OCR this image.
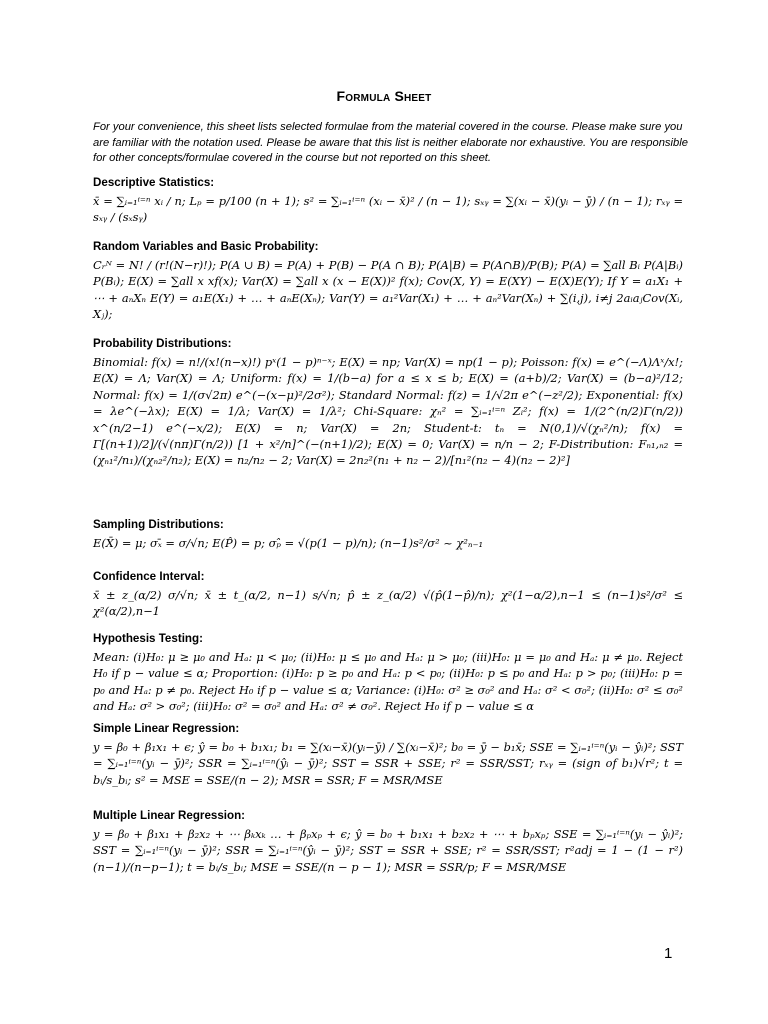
Formula Sheet
For your convenience, this sheet lists selected formulae from the material covered in the course. Please make sure you are familiar with the notation used. Please be aware that this list is neither elaborate nor exhaustive. You are responsible for other concepts/formulae covered in the course but not reported on this sheet.
Descriptive Statistics:
x̄ = ∑ᵢ₌₁ⁱ⁼ⁿ xᵢ / n; Lₚ = p/100 (n + 1); s² = ∑ᵢ₌₁ⁱ⁼ⁿ (xᵢ − x̄)² / (n − 1); sₓᵧ = ∑(xᵢ − x̄)(yᵢ − ȳ) / (n − 1); rₓᵧ = sₓᵧ / (sₓsᵧ)
Random Variables and Basic Probability:
Cᵣᴺ = N! / (r!(N−r)!); P(A ∪ B) = P(A) + P(B) − P(A ∩ B); P(A|B) = P(A∩B)/P(B); P(A) = ∑all Bᵢ P(A|Bᵢ) P(Bᵢ); E(X) = ∑all x xf(x); Var(X) = ∑all x (x − E(X))² f(x); Cov(X, Y) = E(XY) − E(X)E(Y); If Y = a₁X₁ + ⋯ + aₙXₙ E(Y) = a₁E(X₁) + … + aₙE(Xₙ); Var(Y) = a₁²Var(X₁) + … + aₙ²Var(Xₙ) + ∑(i,j), i≠j 2aᵢaⱼCov(Xᵢ, Xⱼ);
Probability Distributions:
Binomial: f(x) = n!/(x!(n−x)!) pˣ(1 − p)ⁿ⁻ˣ; E(X) = np; Var(X) = np(1 − p); Poisson: f(x) = e^(−Λ)Λˣ/x!; E(X) = Λ; Var(X) = Λ; Uniform: f(x) = 1/(b−a) for a ≤ x ≤ b; E(X) = (a+b)/2; Var(X) = (b−a)²/12; Normal: f(x) = 1/(σ√2π) e^(−(x−μ)²/2σ²); Standard Normal: f(z) = 1/√2π e^(−z²/2); Exponential: f(x) = λe^(−λx); E(X) = 1/λ; Var(X) = 1/λ²; Chi-Square: χₙ² = ∑ᵢ₌₁ⁱ⁼ⁿ Zᵢ²; f(x) = 1/(2^(n/2)Γ(n/2)) x^(n/2−1) e^(−x/2); E(X) = n; Var(X) = 2n; Student-t: tₙ = N(0,1)/√(χₙ²/n); f(x) = Γ[(n+1)/2]/(√(nπ)Γ(n/2)) [1 + x²/n]^(−(n+1)/2); E(X) = 0; Var(X) = n/n − 2; F-Distribution: Fₙ₁,ₙ₂ = (χₙ₁²/n₁)/(χₙ₂²/n₂); E(X) = n₂/n₂ − 2; Var(X) = 2n₂²(n₁ + n₂ − 2)/[n₁²(n₂ − 4)(n₂ − 2)²]
Sampling Distributions:
E(X̄) = μ; σₓ̄ = σ/√n; E(P̂) = p; σₚ̂ = √(p(1 − p)/n); (n−1)s²/σ² ~ χ²ₙ₋₁
Confidence Interval:
x̄ ± z_(α/2) σ/√n; x̄ ± t_(α/2, n−1) s/√n; p̂ ± z_(α/2) √(p̂(1−p̂)/n); χ²(1−α/2),n−1 ≤ (n−1)s²/σ² ≤ χ²(α/2),n−1
Hypothesis Testing:
Mean: (i)H₀: μ ≥ μ₀ and Hₐ: μ < μ₀; (ii)H₀: μ ≤ μ₀ and Hₐ: μ > μ₀; (iii)H₀: μ = μ₀ and Hₐ: μ ≠ μ₀. Reject H₀ if p − value ≤ α; Proportion: (i)H₀: p ≥ p₀ and Hₐ: p < p₀; (ii)H₀: p ≤ p₀ and Hₐ: p > p₀; (iii)H₀: p = p₀ and Hₐ: p ≠ p₀. Reject H₀ if p − value ≤ α; Variance: (i)H₀: σ² ≥ σ₀² and Hₐ: σ² < σ₀²; (ii)H₀: σ² ≤ σ₀² and Hₐ: σ² > σ₀²; (iii)H₀: σ² = σ₀² and Hₐ: σ² ≠ σ₀². Reject H₀ if p − value ≤ α
Simple Linear Regression:
y = β₀ + β₁x₁ + ϵ; ŷ = b₀ + b₁x₁; b₁ = ∑(xᵢ−x̄)(yᵢ−ȳ) / ∑(xᵢ−x̄)²; b₀ = ȳ − b₁x̄; SSE = ∑ᵢ₌₁ⁱ⁼ⁿ(yᵢ − ŷᵢ)²; SST = ∑ᵢ₌₁ⁱ⁼ⁿ(yᵢ − ȳ)²; SSR = ∑ᵢ₌₁ⁱ⁼ⁿ(ŷᵢ − ȳ)²; SST = SSR + SSE; r² = SSR/SST; rₓᵧ = (sign of b₁)√r²; t = bᵢ/s_bᵢ; s² = MSE = SSE/(n − 2); MSR = SSR; F = MSR/MSE
Multiple Linear Regression:
y = β₀ + β₁x₁ + β₂x₂ + ⋯ βₖxₖ … + βₚxₚ + ϵ; ŷ = b₀ + b₁x₁ + b₂x₂ + ⋯ + bₚxₚ; SSE = ∑ᵢ₌₁ⁱ⁼ⁿ(yᵢ − ŷᵢ)²; SST = ∑ᵢ₌₁ⁱ⁼ⁿ(yᵢ − ȳ)²; SSR = ∑ᵢ₌₁ⁱ⁼ⁿ(ŷᵢ − ȳ)²; SST = SSR + SSE; r² = SSR/SST; r²adj = 1 − (1 − r²) (n−1)/(n−p−1); t = bᵢ/s_bᵢ; MSE = SSE/(n − p − 1); MSR = SSR/p; F = MSR/MSE
1
